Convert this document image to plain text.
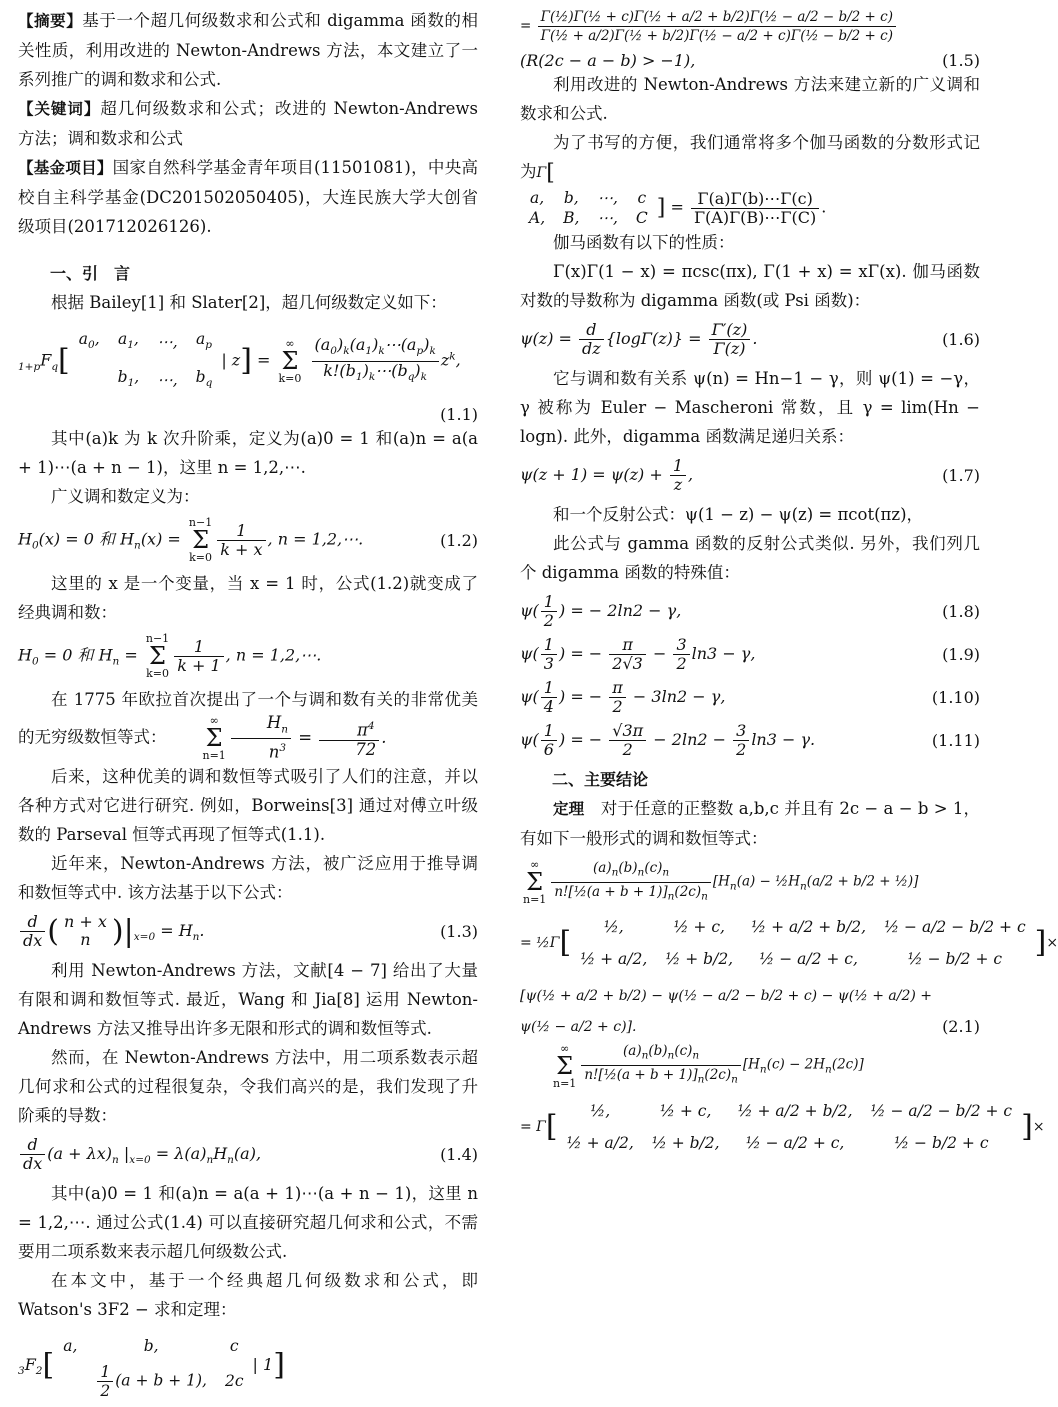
【摘要】基于一个超几何级数求和公式和 digamma 函数的相关性质，利用改进的 Newton-Andrews 方法，本文建立了一系列推广的调和数求和公式.

【关键词】超几何级数求和公式；改进的 Newton-Andrews 方法；调和数求和公式

【基金项目】国家自然科学基金青年项目(11501081)，中央高校自主科学基金(DC201502050405)，大连民族大学大创省级项目(201712026126).

一、引　言

根据 Bailey[1] 和 Slater[2]，超几何级数定义如下：

$_{1+p}F_q[a_0$,	$a_1$,	⋯,	$a_p$
	$b_1$,	⋯,	$b_q|$ z] =
∞
Σ
k=0
$\frac{(a_0)_k(a_1)_k\cdots(a_p)_k}{k!(b_1)_k\cdots(b_q)_k} z^k$,
(1.1)

其中(a)k 为 k 次升阶乘，定义为(a)0 = 1 和(a)n = a(a + 1)⋯(a + n − 1)，这里 n = 1,2,⋯.

广义调和数定义为：

$H_0(x) = 0$ 和 $H_n(x)$ =
n−1
Σ
$k=0 \frac{1}{k + x}$ , n = 1,2,⋯.	(1.2)

这里的 x 是一个变量，当 x = 1 时，公式(1.2)就变成了经典调和数：

$H_0 = 0$ 和 $H_n$ =
n−1
Σ
$k=0 \frac{1}{k + 1}$ , n = 1,2,⋯.

在 1775 年欧拉首次提出了一个与调和数有关的非常优美的无穷级数恒等式：
∞
Σ
$n=1 \frac{H_n}{n^3} = \frac{\pi^4}{72}$ .

后来，这种优美的调和数恒等式吸引了人们的注意，并以各种方式对它进行研究. 例如，Borweins[3] 通过对傅立叶级数的 Parseval 恒等式再现了恒等式(1.1).

近年来，Newton-Andrews 方法，被广泛应用于推导调和数恒等式中. 该方法基于以下公式：

$\frac{d}{dx}$ ( n + x
n )$|_{x=0} = H_n$.	(1.3)

利用 Newton-Andrews 方法，文献[4 − 7] 给出了大量有限和调和数恒等式. 最近，Wang 和 Jia[8] 运用 Newton-Andrews 方法又推导出许多无限和形式的调和数恒等式.

然而，在 Newton-Andrews 方法中，用二项系数表示超几何求和公式的过程很复杂，令我们高兴的是，我们发现了升阶乘的导数：

$\frac{d}{dx} (a + \lambda x)_n$ $|_{x=0} = \lambda(a)_nH_n(a)$,	(1.4)

其中(a)0 = 1 和(a)n = a(a + 1)⋯(a + n − 1)，这里 n = 1,2,⋯. 通过公式(1.4) 可以直接研究超几何求和公式，不需要用二项系数来表示超几何级数公式.

在本文中，基于一个经典超几何级数求和公式，即 Watson's 3F2 − 求和定理：

$_3F_2[a$,	b,	c

	$\frac{1}{2} (a + b + 1)$,	2c| 1]
= $\frac{\text{Γ(½)Γ(½ + c)Γ(½ + a/2 + b/2)Γ(½ − a/2 − b/2 + c)}}{\text{Γ(½ + a/2)Γ(½ + b/2)Γ(½ − a/2 + c)Γ(½ − b/2 + c)}}$
(R(2c − a − b) > −1),	(1.5)

利用改进的 Newton-Andrews 方法来建立新的广义调和数求和公式.

为了书写的方便，我们通常将多个伽马函数的分数形式记为Γ[

a,	b,	⋯,	c
A,	B,	⋯,	C ] = $\frac{\Gamma(a)\Gamma(b)\cdots\Gamma(c)}{\Gamma(A)\Gamma(B)\cdots\Gamma(C)}$ .

伽马函数有以下的性质：

Γ(x)Γ(1 − x) = πcsc(πx), Γ(1 + x) = xΓ(x). 伽马函数对数的导数称为 digamma 函数(或 Psi 函数)：

$\psi(z) = \frac{d}{dz} \{\log\Gamma(z)\} = \frac{\Gamma'(z)}{\Gamma(z)}$ .	(1.6)

它与调和数有关系 ψ(n) = Hn−1 − γ，则 ψ(1) = −γ，γ 被称为 Euler − Mascheroni 常数，且 γ = lim(Hn − logn). 此外，digamma 函数满足递归关系：

$\psi(z + 1) = \psi(z) + \frac{1}{z}$ ,	(1.7)

和一个反射公式：ψ(1 − z) − ψ(z) = πcot(πz)，

此公式与 gamma 函数的反射公式类似. 另外，我们列几个 digamma 函数的特殊值：

$\psi( \frac{1}{2}$ ) = − 2ln2 − γ,	(1.8)
$\psi( \frac{1}{3}$ ) = − $\frac{\pi}{2√3} - \frac{3}{2} \ln 3 - \gamma$,	(1.9)
$\psi( \frac{1}{4}$ ) = − $\frac{\pi}{2} - 3\ln 2 - \gamma$,	(1.10)
$\psi( \frac{1}{6}$ ) = − $\frac{√3\pi}{2} - 2\ln 2 - \frac{3}{2} \ln 3 - \gamma$.	(1.11)
二、主要结论

定理　 对于任意的正整数 a,b,c 并且有 2c − a − b > 1，有如下一般形式的调和数恒等式：

∞
Σ
$n=1 \frac{(a)_n(b)_n(c)_n}{n![\frac{1}{2}(a + b + 1)]_n(2c)_n} [H_n(a)$ − $\frac{1}{2}H_n(a/2 + b/2$ + ½)]
= ½Γ[ ½,	½ + c,	½ + a/2 + b/2,	½ − a/2 − b/2 + c
½ + a/2,	½ + b/2,	½ − a/2 + c,	½ − b/2 + c ]×
[ψ(½ + a/2 + b/2) − ψ(½ − a/2 − b/2 + c) − ψ(½ + a/2) +
ψ(½ − a/2 + c)].	(2.1)
∞
Σ
$n=1 \frac{(a)_n(b)_n(c)_n}{n![\frac{1}{2}(a + b + 1)]_n(2c)_n} [H_n(c) - 2H_n(2c)]$
= Γ[ ½,	½ + c,	½ + a/2 + b/2,	½ − a/2 − b/2 + c
½ + a/2,	½ + b/2,	½ − a/2 + c,	½ − b/2 + c ]×
